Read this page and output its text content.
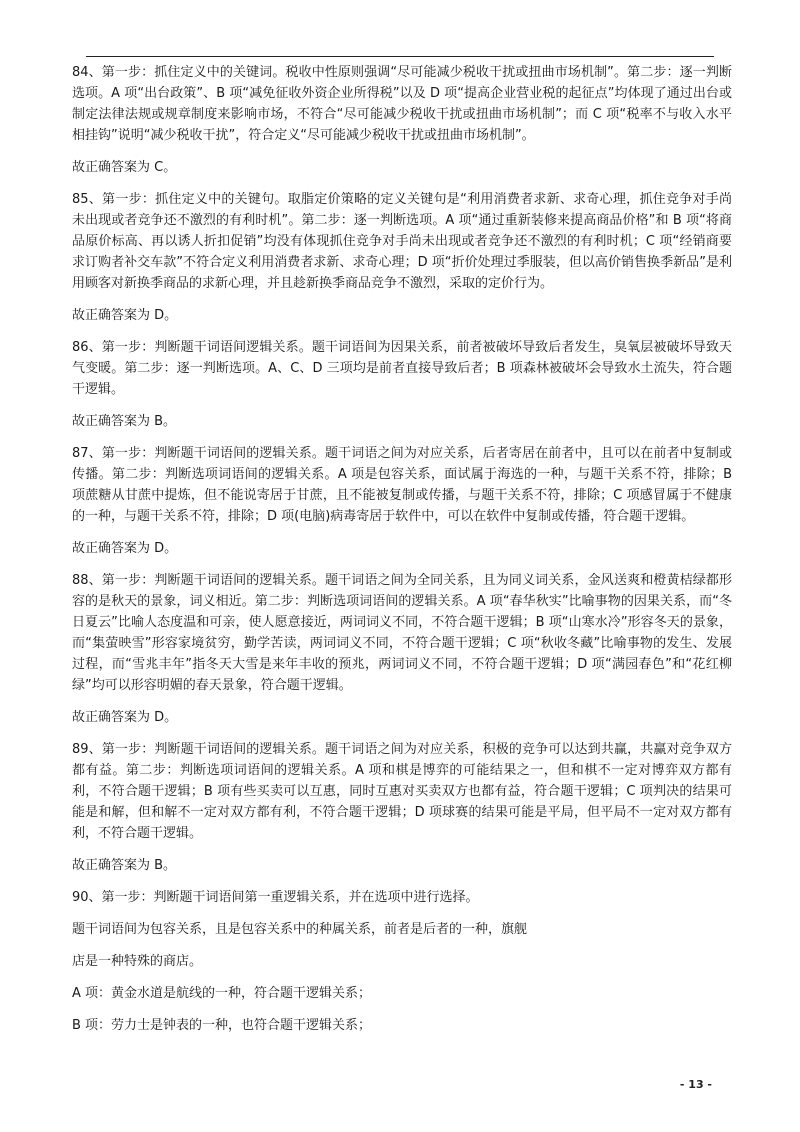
84、第一步：抓住定义中的关键词。税收中性原则强调“尽可能减少税收干扰或扭曲市场机制”。第二步：逐一判断选项。A 项“出台政策”、B 项“减免征收外资企业所得税”以及 D 项“提高企业营业税的起征点”均体现了通过出台或制定法律法规或规章制度来影响市场，不符合“尽可能减少税收干扰或扭曲市场机制”；而 C 项“税率不与收入水平相挂钩”说明“减少税收干扰”，符合定义“尽可能减少税收干扰或扭曲市场机制”。

故正确答案为 C。

85、第一步：抓住定义中的关键句。取脂定价策略的定义关键句是“利用消费者求新、求奇心理，抓住竞争对手尚未出现或者竞争还不激烈的有利时机”。第二步：逐一判断选项。A 项“通过重新装修来提高商品价格”和 B 项“将商品原价标高、再以诱人折扣促销”均没有体现抓住竞争对手尚未出现或者竞争还不激烈的有利时机；C 项“经销商要求订购者补交车款”不符合定义利用消费者求新、求奇心理；D 项“折价处理过季服装，但以高价销售换季新品”是利用顾客对新换季商品的求新心理，并且趁新换季商品竞争不激烈，采取的定价行为。

故正确答案为 D。

86、第一步：判断题干词语间逻辑关系。题干词语间为因果关系，前者被破坏导致后者发生，臭氧层被破坏导致天气变暖。第二步：逐一判断选项。A、C、D 三项均是前者直接导致后者；B 项森林被破坏会导致水土流失，符合题干逻辑。

故正确答案为 B。

87、第一步：判断题干词语间的逻辑关系。题干词语之间为对应关系，后者寄居在前者中，且可以在前者中复制或传播。第二步：判断选项词语间的逻辑关系。A 项是包容关系，面试属于海选的一种，与题干关系不符，排除；B 项蔗糖从甘蔗中提炼，但不能说寄居于甘蔗，且不能被复制或传播，与题干关系不符，排除；C 项感冒属于不健康的一种，与题干关系不符，排除；D 项(电脑)病毒寄居于软件中，可以在软件中复制或传播，符合题干逻辑。

故正确答案为 D。

88、第一步：判断题干词语间的逻辑关系。题干词语之间为全同关系，且为同义词关系，金风送爽和橙黄桔绿都形容的是秋天的景象，词义相近。第二步：判断选项词语间的逻辑关系。A 项“春华秋实”比喻事物的因果关系，而“冬日夏云”比喻人态度温和可亲，使人愿意接近，两词词义不同，不符合题干逻辑；B 项“山寒水冷”形容冬天的景象，而“集萤映雪”形容家境贫穷，勤学苦读，两词词义不同，不符合题干逻辑；C 项“秋收冬藏”比喻事物的发生、发展过程，而“雪兆丰年”指冬天大雪是来年丰收的预兆，两词词义不同，不符合题干逻辑；D 项“满园春色”和“花红柳绿”均可以形容明媚的春天景象，符合题干逻辑。

故正确答案为 D。

89、第一步：判断题干词语间的逻辑关系。题干词语之间为对应关系，积极的竞争可以达到共赢，共赢对竞争双方都有益。第二步：判断选项词语间的逻辑关系。A 项和棋是博弈的可能结果之一，但和棋不一定对博弈双方都有利，不符合题干逻辑；B 项有些买卖可以互惠，同时互惠对买卖双方也都有益，符合题干逻辑；C 项判决的结果可能是和解，但和解不一定对双方都有利，不符合题干逻辑；D 项球赛的结果可能是平局，但平局不一定对双方都有利，不符合题干逻辑。

故正确答案为 B。

90、第一步：判断题干词语间第一重逻辑关系，并在选项中进行选择。

题干词语间为包容关系，且是包容关系中的种属关系，前者是后者的一种，旗舰

店是一种特殊的商店。

A 项：黄金水道是航线的一种，符合题干逻辑关系；

B 项：劳力士是钟表的一种，也符合题干逻辑关系；

- 13 -
